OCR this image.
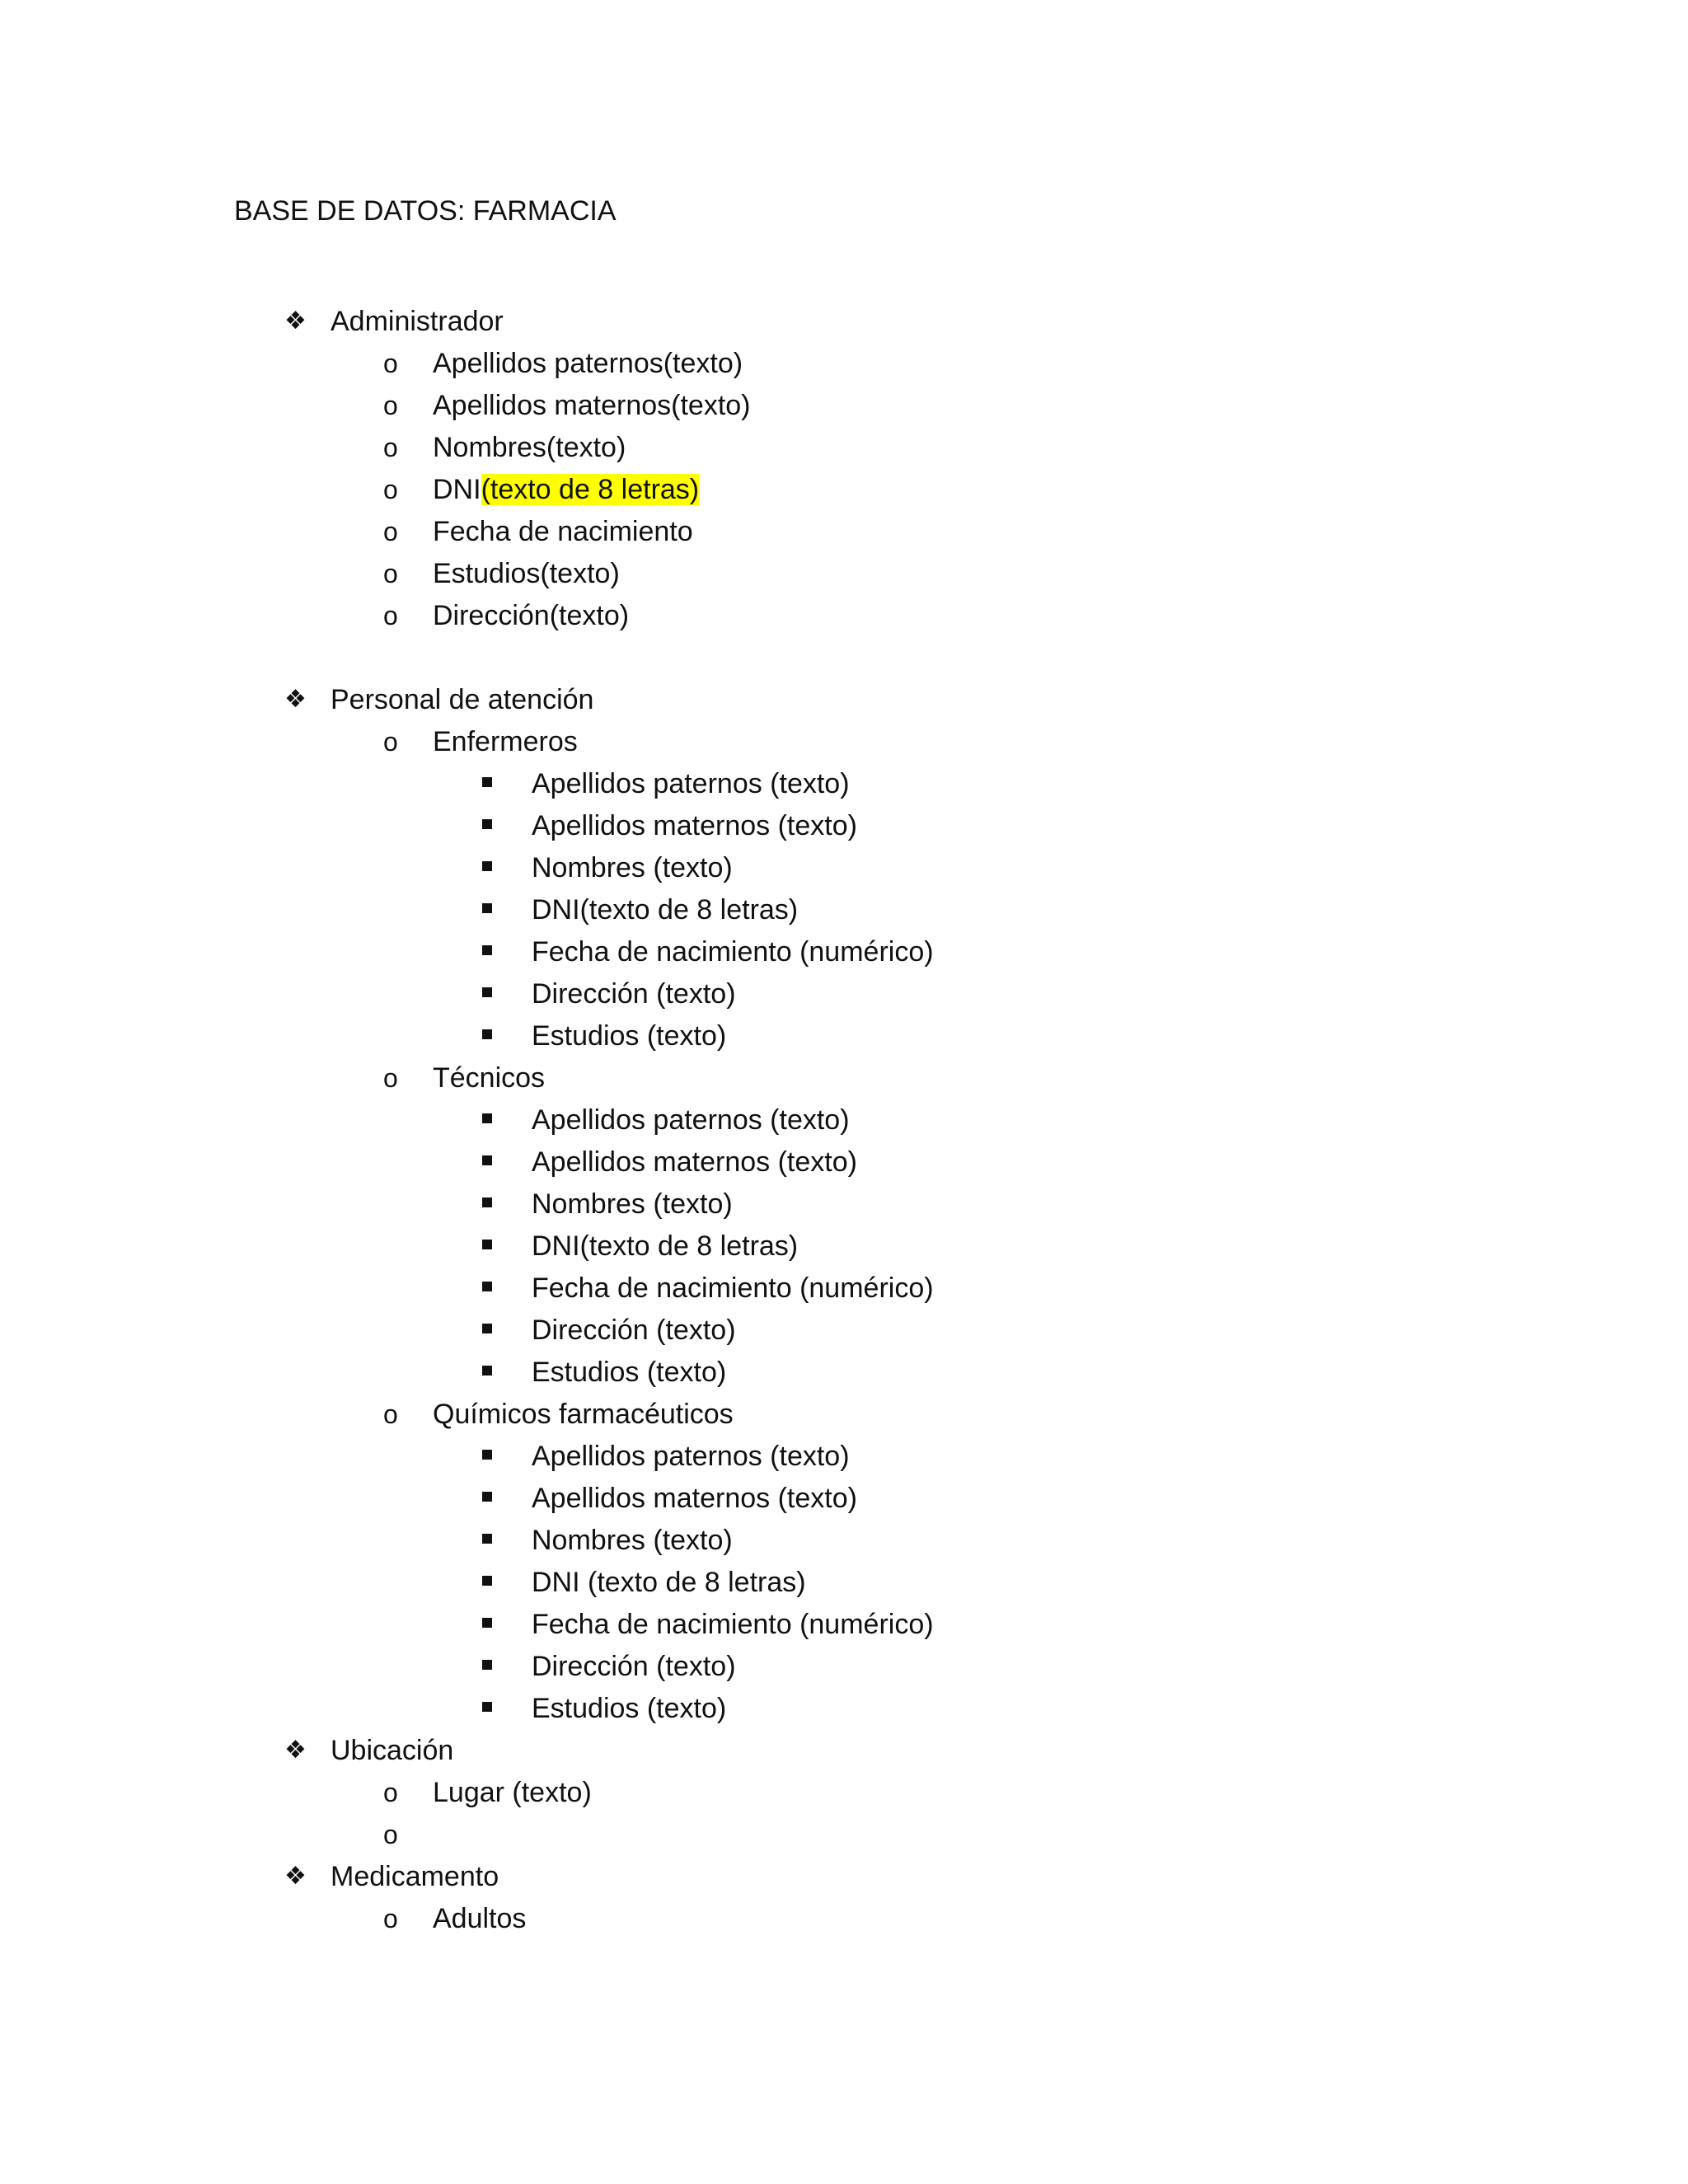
BASE DE DATOS: FARMACIA
❖ Administrador
o Apellidos paternos(texto)
o Apellidos maternos(texto)
o Nombres(texto)
o DNI(texto de 8 letras)
o Fecha de nacimiento
o Estudios(texto)
o Dirección(texto)
❖ Personal de atención
o Enfermeros
Apellidos paternos (texto)
Apellidos maternos (texto)
Nombres (texto)
DNI(texto de 8 letras)
Fecha de nacimiento (numérico)
Dirección (texto)
Estudios (texto)
o Técnicos
Apellidos paternos (texto)
Apellidos maternos (texto)
Nombres (texto)
DNI(texto de 8 letras)
Fecha de nacimiento (numérico)
Dirección (texto)
Estudios (texto)
o Químicos farmacéuticos
Apellidos paternos (texto)
Apellidos maternos (texto)
Nombres (texto)
DNI (texto de 8 letras)
Fecha de nacimiento (numérico)
Dirección (texto)
Estudios (texto)
❖ Ubicación
o Lugar (texto)
o
❖ Medicamento
o Adultos
